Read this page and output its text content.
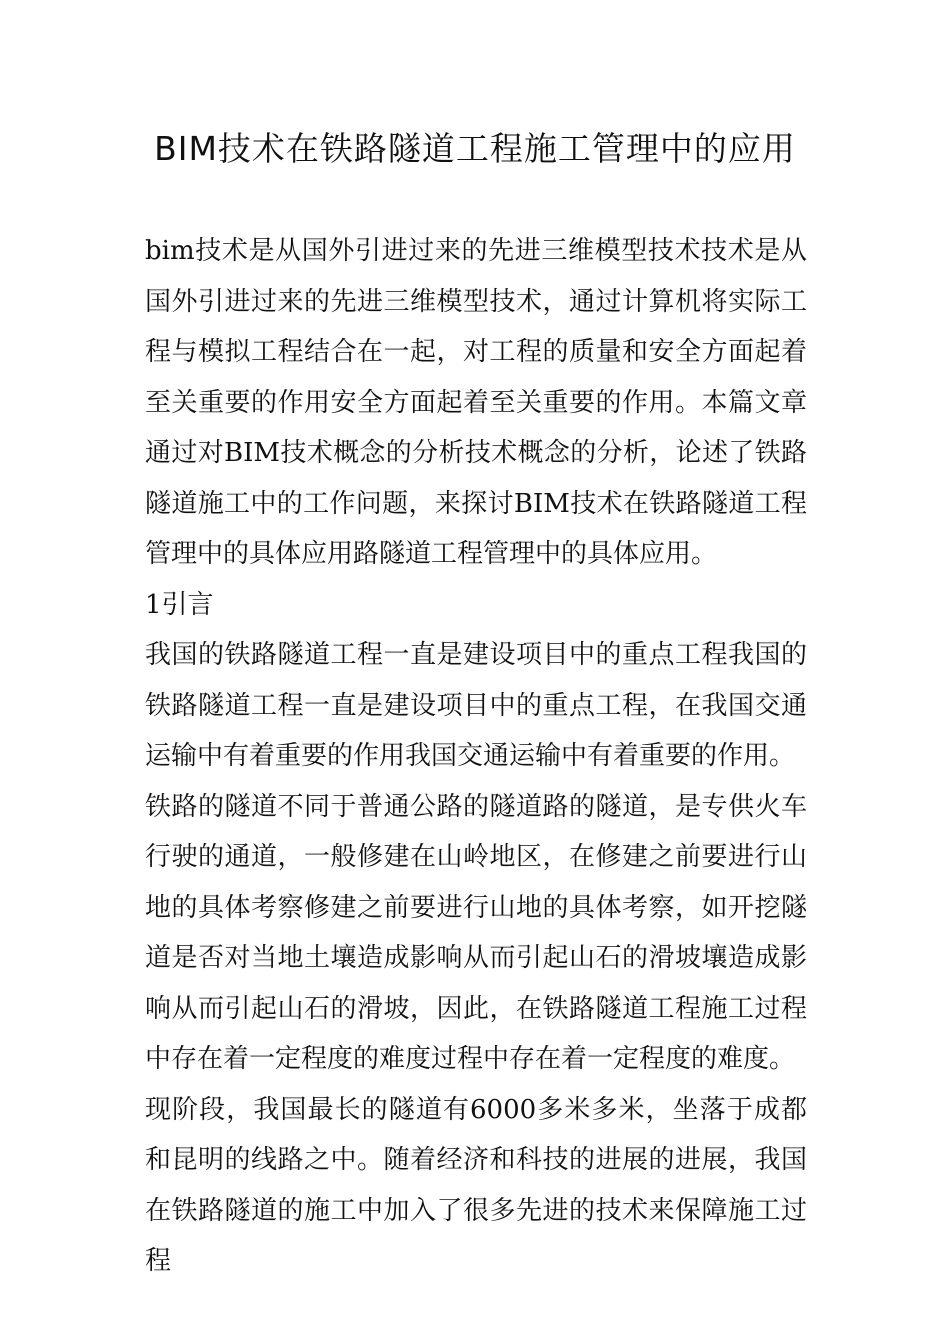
BIM技术在铁路隧道工程施工管理中的应用

bim技术是从国外引进过来的先进三维模型技术技术是从国外引进过来的先进三维模型技术，通过计算机将实际工程与模拟工程结合在一起，对工程的质量和安全方面起着至关重要的作用安全方面起着至关重要的作用。本篇文章通过对BIM技术概念的分析技术概念的分析，论述了铁路隧道施工中的工作问题，来探讨BIM技术在铁路隧道工程管理中的具体应用路隧道工程管理中的具体应用。

1引言

我国的铁路隧道工程一直是建设项目中的重点工程我国的铁路隧道工程一直是建设项目中的重点工程，在我国交通运输中有着重要的作用我国交通运输中有着重要的作用。

铁路的隧道不同于普通公路的隧道路的隧道，是专供火车行驶的通道，一般修建在山岭地区，在修建之前要进行山地的具体考察修建之前要进行山地的具体考察，如开挖隧道是否对当地土壤造成影响从而引起山石的滑坡壤造成影响从而引起山石的滑坡，因此，在铁路隧道工程施工过程中存在着一定程度的难度过程中存在着一定程度的难度。

现阶段，我国最长的隧道有6000多米多米，坐落于成都和昆明的线路之中。随着经济和科技的进展的进展，我国在铁路隧道的施工中加入了很多先进的技术来保障施工过程
